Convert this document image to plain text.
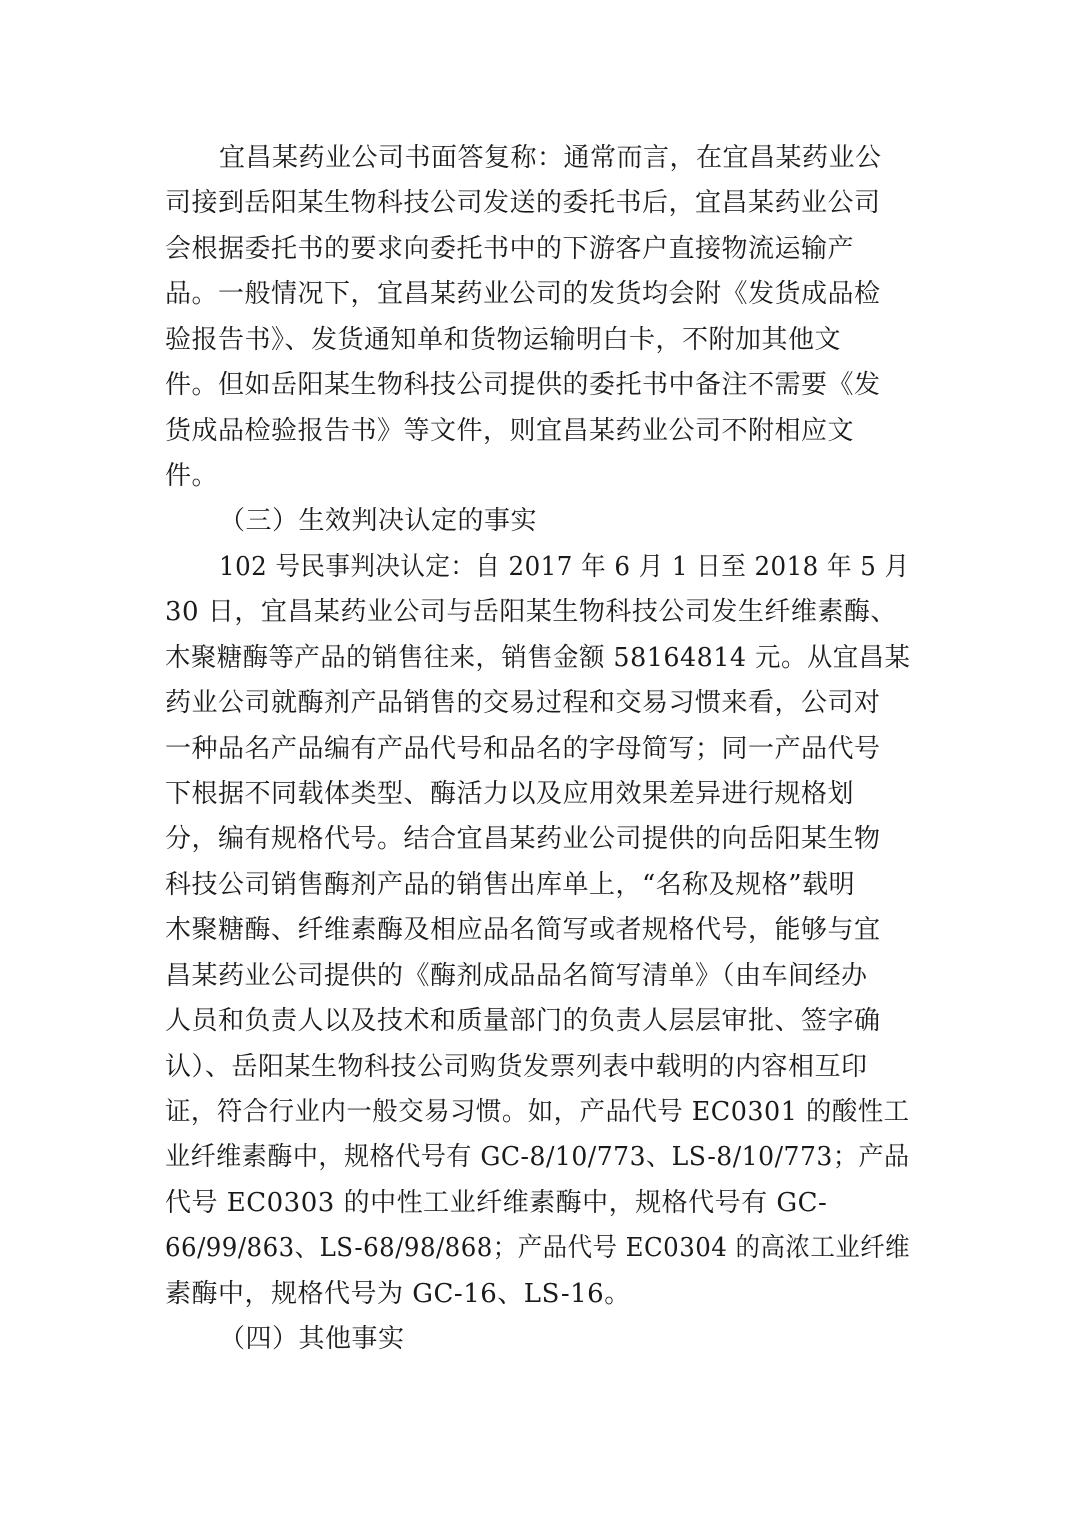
宜昌某药业公司书面答复称：通常而言，在宜昌某药业公
司接到岳阳某生物科技公司发送的委托书后，宜昌某药业公司
会根据委托书的要求向委托书中的下游客户直接物流运输产
品。一般情况下，宜昌某药业公司的发货均会附《发货成品检
验报告书》、发货通知单和货物运输明白卡，不附加其他文
件。但如岳阳某生物科技公司提供的委托书中备注不需要《发
货成品检验报告书》等文件，则宜昌某药业公司不附相应文
件。
（三）生效判决认定的事实
102 号民事判决认定：自 2017 年 6 月 1 日至 2018 年 5 月
30 日，宜昌某药业公司与岳阳某生物科技公司发生纤维素酶、
木聚糖酶等产品的销售往来，销售金额 58164814 元。从宜昌某
药业公司就酶剂产品销售的交易过程和交易习惯来看，公司对
一种品名产品编有产品代号和品名的字母简写；同一产品代号
下根据不同载体类型、酶活力以及应用效果差异进行规格划
分，编有规格代号。结合宜昌某药业公司提供的向岳阳某生物
科技公司销售酶剂产品的销售出库单上，“名称及规格”载明
木聚糖酶、纤维素酶及相应品名简写或者规格代号，能够与宜
昌某药业公司提供的《酶剂成品品名简写清单》（由车间经办
人员和负责人以及技术和质量部门的负责人层层审批、签字确
认）、岳阳某生物科技公司购货发票列表中载明的内容相互印
证，符合行业内一般交易习惯。如，产品代号 EC0301 的酸性工
业纤维素酶中，规格代号有 GC-8/10/773、LS-8/10/773；产品
代号 EC0303 的中性工业纤维素酶中，规格代号有 GC-
66/99/863、LS-68/98/868；产品代号 EC0304 的高浓工业纤维
素酶中，规格代号为 GC-16、LS-16。
（四）其他事实
